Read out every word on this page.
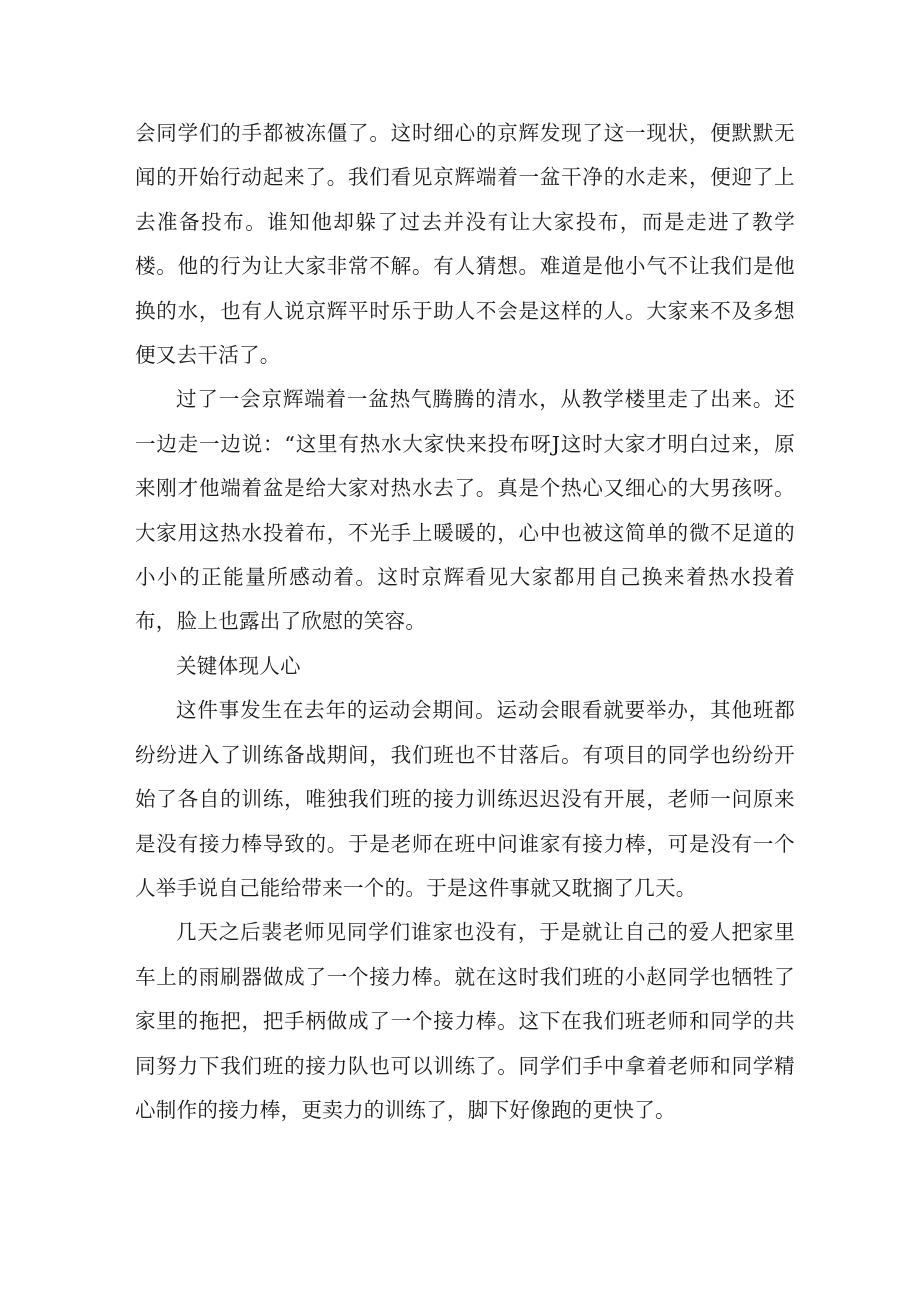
会同学们的手都被冻僵了。这时细心的京辉发现了这一现状，便默默无闻的开始行动起来了。我们看见京辉端着一盆干净的水走来，便迎了上去准备投布。谁知他却躲了过去并没有让大家投布，而是走进了教学楼。他的行为让大家非常不解。有人猜想。难道是他小气不让我们是他换的水，也有人说京辉平时乐于助人不会是这样的人。大家来不及多想便又去干活了。

过了一会京辉端着一盆热气腾腾的清水，从教学楼里走了出来。还一边走一边说：“这里有热水大家快来投布呀J这时大家才明白过来，原来刚才他端着盆是给大家对热水去了。真是个热心又细心的大男孩呀。大家用这热水投着布，不光手上暖暖的，心中也被这简单的微不足道的小小的正能量所感动着。这时京辉看见大家都用自己换来着热水投着布，脸上也露出了欣慰的笑容。

关键体现人心

这件事发生在去年的运动会期间。运动会眼看就要举办，其他班都纷纷进入了训练备战期间，我们班也不甘落后。有项目的同学也纷纷开始了各自的训练，唯独我们班的接力训练迟迟没有开展，老师一问原来是没有接力棒导致的。于是老师在班中问谁家有接力棒，可是没有一个人举手说自己能给带来一个的。于是这件事就又耽搁了几天。

几天之后裴老师见同学们谁家也没有，于是就让自己的爱人把家里车上的雨刷器做成了一个接力棒。就在这时我们班的小赵同学也牺牲了家里的拖把，把手柄做成了一个接力棒。这下在我们班老师和同学的共同努力下我们班的接力队也可以训练了。同学们手中拿着老师和同学精心制作的接力棒，更卖力的训练了，脚下好像跑的更快了。
